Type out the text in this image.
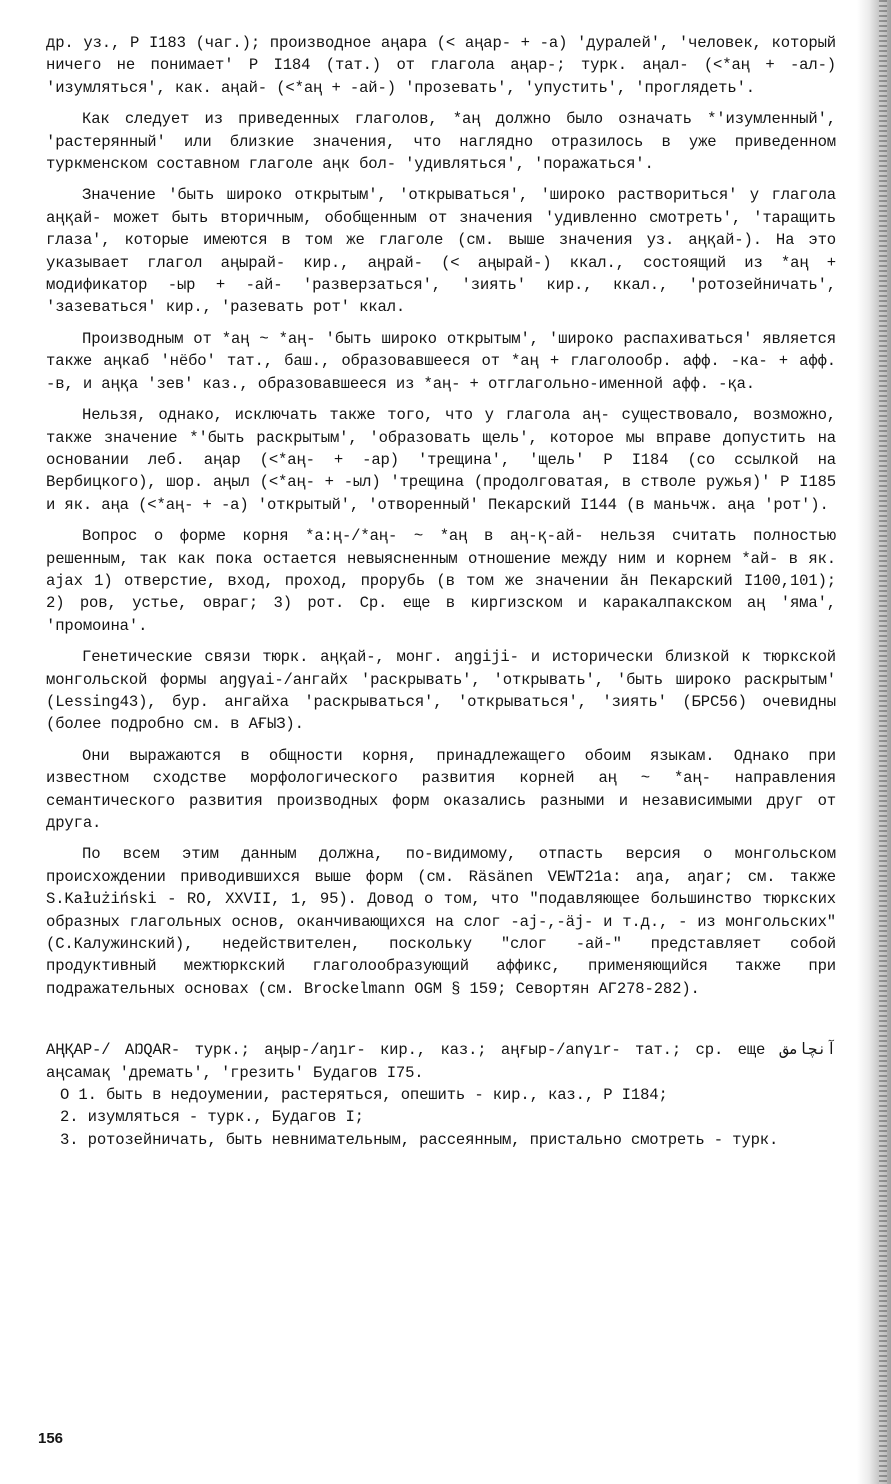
др. уз., Р I183 (чаг.); производное аңара (< аңар- + -а) 'дуралей', 'человек, который ничего не понимает' Р I184 (тат.) от глагола аңар-; турк. аңал- (<*аң + -ал-) 'изумляться', как. аңай- (<*аң + -ай-) 'прозевать', 'упустить', 'проглядеть'.

Как следует из приведенных глаголов, *аң должно было означать *'изумленный', 'растерянный' или близкие значения, что наглядно отразилось в уже приведенном туркменском составном глаголе аңк бол- 'удивляться', 'поражаться'.

Значение 'быть широко открытым', 'открываться', 'широко раствориться' у глагола аңқай- может быть вторичным, обобщенным от значения 'удивленно смотреть', 'таращить глаза', которые имеются в том же глаголе (см. выше значения уз. аңқай-). На это указывает глагол аңырай- кир., аңрай- (< аңырай-) ккал., состоящий из *аң + модификатор -ыр + -ай- 'разверзаться', 'зиять' кир., ккал., 'ротозейничать', 'зазеваться' кир., 'разевать рот' ккал.

Производным от *аң ~ *аң- 'быть широко открытым', 'широко распахиваться' является также аңкаб 'нёбо' тат., баш., образовавшееся от *аң + глаголообр. афф. -ка- + афф. -в, и аңқа 'зев' каз., образовавшееся из *аң- + отглагольно-именной афф. -қа.

Нельзя, однако, исключать также того, что у глагола аң- существовало, возможно, также значение *'быть раскрытым', 'образовать щель', которое мы вправе допустить на основании леб. аңар (<*аң- + -ар) 'трещина', 'щель' Р I184 (со ссылкой на Вербицкого), шор. аңыл (<*аң- + -ыл) 'трещина (продолговатая, в стволе ружья)' Р I185 и як. аңа (<*аң- + -а) 'открытый', 'отворенный' Пекарский I144 (в маньчж. аңа 'рот').

Вопрос о форме корня *а:ң-/*аң- ~ *аң в аң-қ-ай- нельзя считать полностью решенным, так как пока остается невыясненным отношение между ним и корнем *ай- в як. аjах 1) отверстие, вход, проход, прорубь (в том же значении ӑн Пекарский I100,101); 2) ров, устье, овраг; 3) рот. Ср. еще в киргизском и каракалпакском аң 'яма', 'промоина'.

Генетические связи тюрк. аңқай-, монг. aŋgiji- и исторически близкой к тюркской монгольской формы aŋgγai-/ангайх 'раскрывать', 'открывать', 'быть широко раскрытым' (Lessing43), бур. ангайха 'раскрываться', 'открываться', 'зиять' (БРС56) очевидны (более подробно см. в АҒЫЗ).

Они выражаются в общности корня, принадлежащего обоим языкам. Однако при известном сходстве морфологического развития корней аң ~ *аң- направления семантического развития производных форм оказались разными и независимыми друг от друга.

По всем этим данным должна, по-видимому, отпасть версия о монгольском происхождении приводившихся выше форм (см. Räsänen VEWT21a: aŋa, aŋar; см. также S.Kałużiński - RO, XXVII, 1, 95). Довод о том, что "подавляющее большинство тюркских образных глагольных основ, оканчивающихся на слог -aj-,-äj- и т.д., - из монгольских" (С.Калужинский), недействителен, поскольку "слог -ай-" представляет собой продуктивный межтюркский глаголообразующий аффикс, применяющийся также при подражательных основах (см. Brockelmann OGM § 159; Севортян АГ278-282).

АҢҚАР-/ AŊQAR- турк.; аңыр-/aŋır- кир., каз.; аңғыр-/anγır- тат.; ср. еще آنچامق аңсамақ 'дремать', 'грезить' Будагов I75.

О 1. быть в недоумении, растеряться, опешить - кир., каз., Р I184;

2. изумляться - турк., Будагов I;

3. ротозейничать, быть невнимательным, рассеянным, пристально смотреть - турк.

156
